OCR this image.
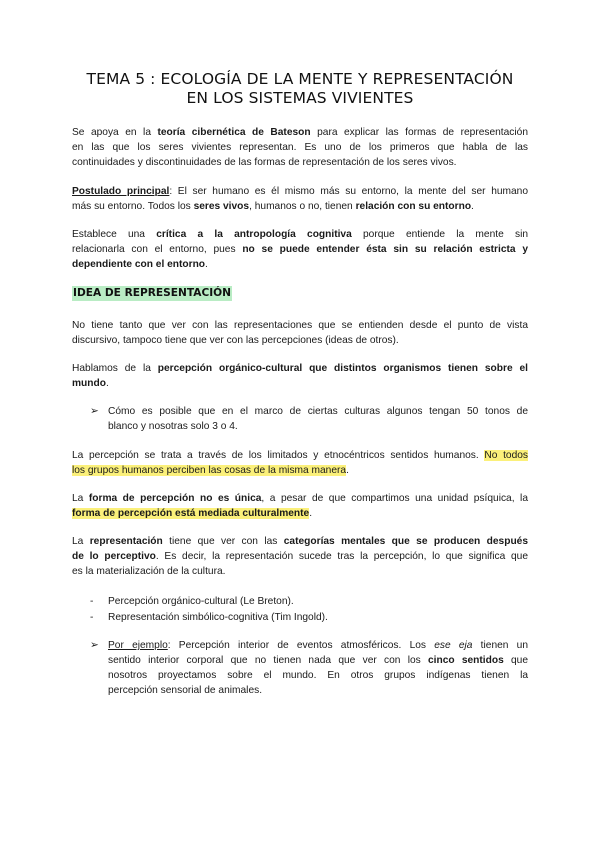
TEMA 5 : ECOLOGÍA DE LA MENTE Y REPRESENTACIÓN
EN LOS SISTEMAS VIVIENTES
Se apoya en la teoría cibernética de Bateson para explicar las formas de representación
en las que los seres vivientes representan. Es uno de los primeros que habla de las
continuidades y discontinuidades de las formas de representación de los seres vivos.
Postulado principal: El ser humano es él mismo más su entorno, la mente del ser humano
más su entorno. Todos los seres vivos, humanos o no, tienen relación con su entorno.
Establece una crítica a la antropología cognitiva porque entiende la mente sin
relacionarla con el entorno, pues no se puede entender ésta sin su relación estricta y
dependiente con el entorno.
IDEA DE REPRESENTACIÓN
No tiene tanto que ver con las representaciones que se entienden desde el punto de vista
discursivo, tampoco tiene que ver con las percepciones (ideas de otros).
Hablamos de la percepción orgánico-cultural que distintos organismos tienen sobre el
mundo.
➢ Cómo es posible que en el marco de ciertas culturas algunos tengan 50 tonos de
blanco y nosotras solo 3 o 4.
La percepción se trata a través de los limitados y etnocéntricos sentidos humanos. No todos
los grupos humanos perciben las cosas de la misma manera.
La forma de percepción no es única, a pesar de que compartimos una unidad psíquica, la
forma de percepción está mediada culturalmente.
La representación tiene que ver con las categorías mentales que se producen después
de lo perceptivo. Es decir, la representación sucede tras la percepción, lo que significa que
es la materialización de la cultura.
- Percepción orgánico-cultural (Le Breton).
- Representación simbólico-cognitiva (Tim Ingold).
➢ Por ejemplo: Percepción interior de eventos atmosféricos. Los ese eja tienen un
sentido interior corporal que no tienen nada que ver con los cinco sentidos que
nosotros proyectamos sobre el mundo. En otros grupos indígenas tienen la
percepción sensorial de animales.
